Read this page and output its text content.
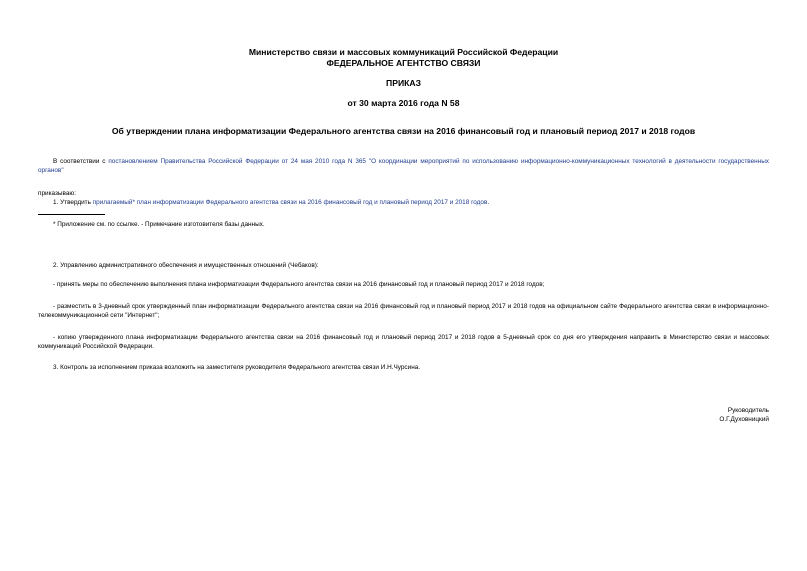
Министерство связи и массовых коммуникаций Российской Федерации
ФЕДЕРАЛЬНОЕ АГЕНТСТВО СВЯЗИ
ПРИКАЗ
от 30 марта 2016 года N 58
Об утверждении плана информатизации Федерального агентства связи на 2016 финансовый год и плановый период 2017 и 2018 годов
В соответствии с постановлением Правительства Российской Федерации от 24 мая 2010 года N 365 "О координации мероприятий по использованию информационно-коммуникационных технологий в деятельности государственных органов"
приказываю:
1. Утвердить прилагаемый* план информатизации Федерального агентства связи на 2016 финансовый год и плановый период 2017 и 2018 годов.
* Приложение см. по ссылке. - Примечание изготовителя базы данных.
2. Управлению административного обеспечения и имущественных отношений (Чебаков):
- принять меры по обеспечению выполнения плана информатизации Федерального агентства связи на 2016 финансовый год и плановый период 2017 и 2018 годов;
- разместить в 3-дневный срок утвержденный план информатизации Федерального агентства связи на 2016 финансовый год и плановый период 2017 и 2018 годов на официальном сайте Федерального агентства связи в информационно-телекоммуникационной сети "Интернет";
- копию утвержденного плана информатизации Федерального агентства связи на 2016 финансовый год и плановый период 2017 и 2018 годов в 5-дневный срок со дня его утверждения направить в Министерство связи и массовых коммуникаций Российской Федерации.
3. Контроль за исполнением приказа возложить на заместителя руководителя Федерального агентства связи И.Н.Чурсина.
Руководитель
О.Г.Духовницкий
